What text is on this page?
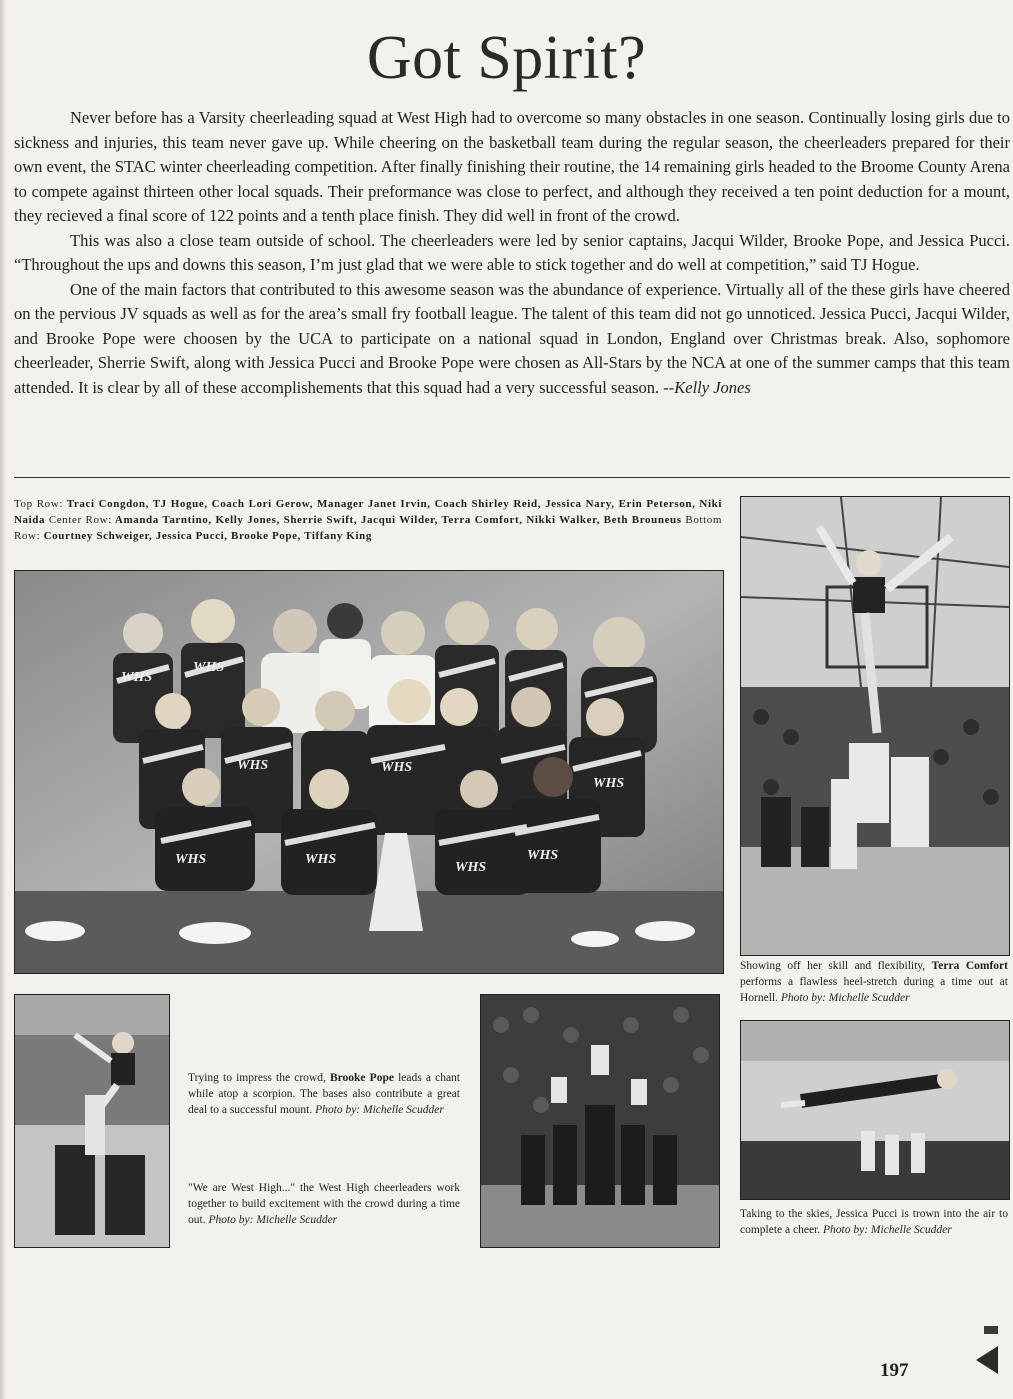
Got Spirit?

Never before has a Varsity cheerleading squad at West High had to overcome so many obstacles in one season. Continually losing girls due to sickness and injuries, this team never gave up. While cheering on the basketball team during the regular season, the cheerleaders prepared for their own event, the STAC winter cheerleading competition. After finally finishing their routine, the 14 remaining girls headed to the Broome County Arena to compete against thirteen other local squads. Their preformance was close to perfect, and although they received a ten point deduction for a mount, they recieved a final score of 122 points and a tenth place finish. They did well in front of the crowd.

This was also a close team outside of school. The cheerleaders were led by senior captains, Jacqui Wilder, Brooke Pope, and Jessica Pucci. “Throughout the ups and downs this season, I’m just glad that we were able to stick together and do well at competition,” said TJ Hogue.

One of the main factors that contributed to this awesome season was the abundance of experience. Virtually all of the these girls have cheered on the pervious JV squads as well as for the area’s small fry football league. The talent of this team did not go unnoticed. Jessica Pucci, Jacqui Wilder, and Brooke Pope were choosen by the UCA to participate on a national squad in London, England over Christmas break. Also, sophomore cheerleader, Sherrie Swift, along with Jessica Pucci and Brooke Pope were chosen as All-Stars by the NCA at one of the summer camps that this team attended. It is clear by all of these accomplishements that this squad had a very successful season. --Kelly Jones

Top Row: Traci Congdon, TJ Hogue, Coach Lori Gerow, Manager Janet Irvin, Coach Shirley Reid, Jessica Nary, Erin Peterson, Niki Naida Center Row: Amanda Tarntino, Kelly Jones, Sherrie Swift, Jacqui Wilder, Terra Comfort, Nikki Walker, Beth Brouneus Bottom Row: Courtney Schweiger, Jessica Pucci, Brooke Pope, Tiffany King
WHS
WHS
WHS	WHS
WHS	WHS
WHS
WHS
WHS
Showing off her skill and flexibility, Terra Comfort performs a flawless heel-stretch during a time out at Hornell. Photo by: Michelle Scudder
Trying to impress the crowd, Brooke Pope leads a chant while atop a scorpion. The bases also contribute a great deal to a successful mount. Photo by: Michelle Scudder
"We are West High..." the West High cheerleaders work together to build excitement with the crowd during a time out. Photo by: Michelle Scudder	Taking to the skies, Jessica Pucci is trown into the air to complete a cheer. Photo by: Michelle Scudder
197
